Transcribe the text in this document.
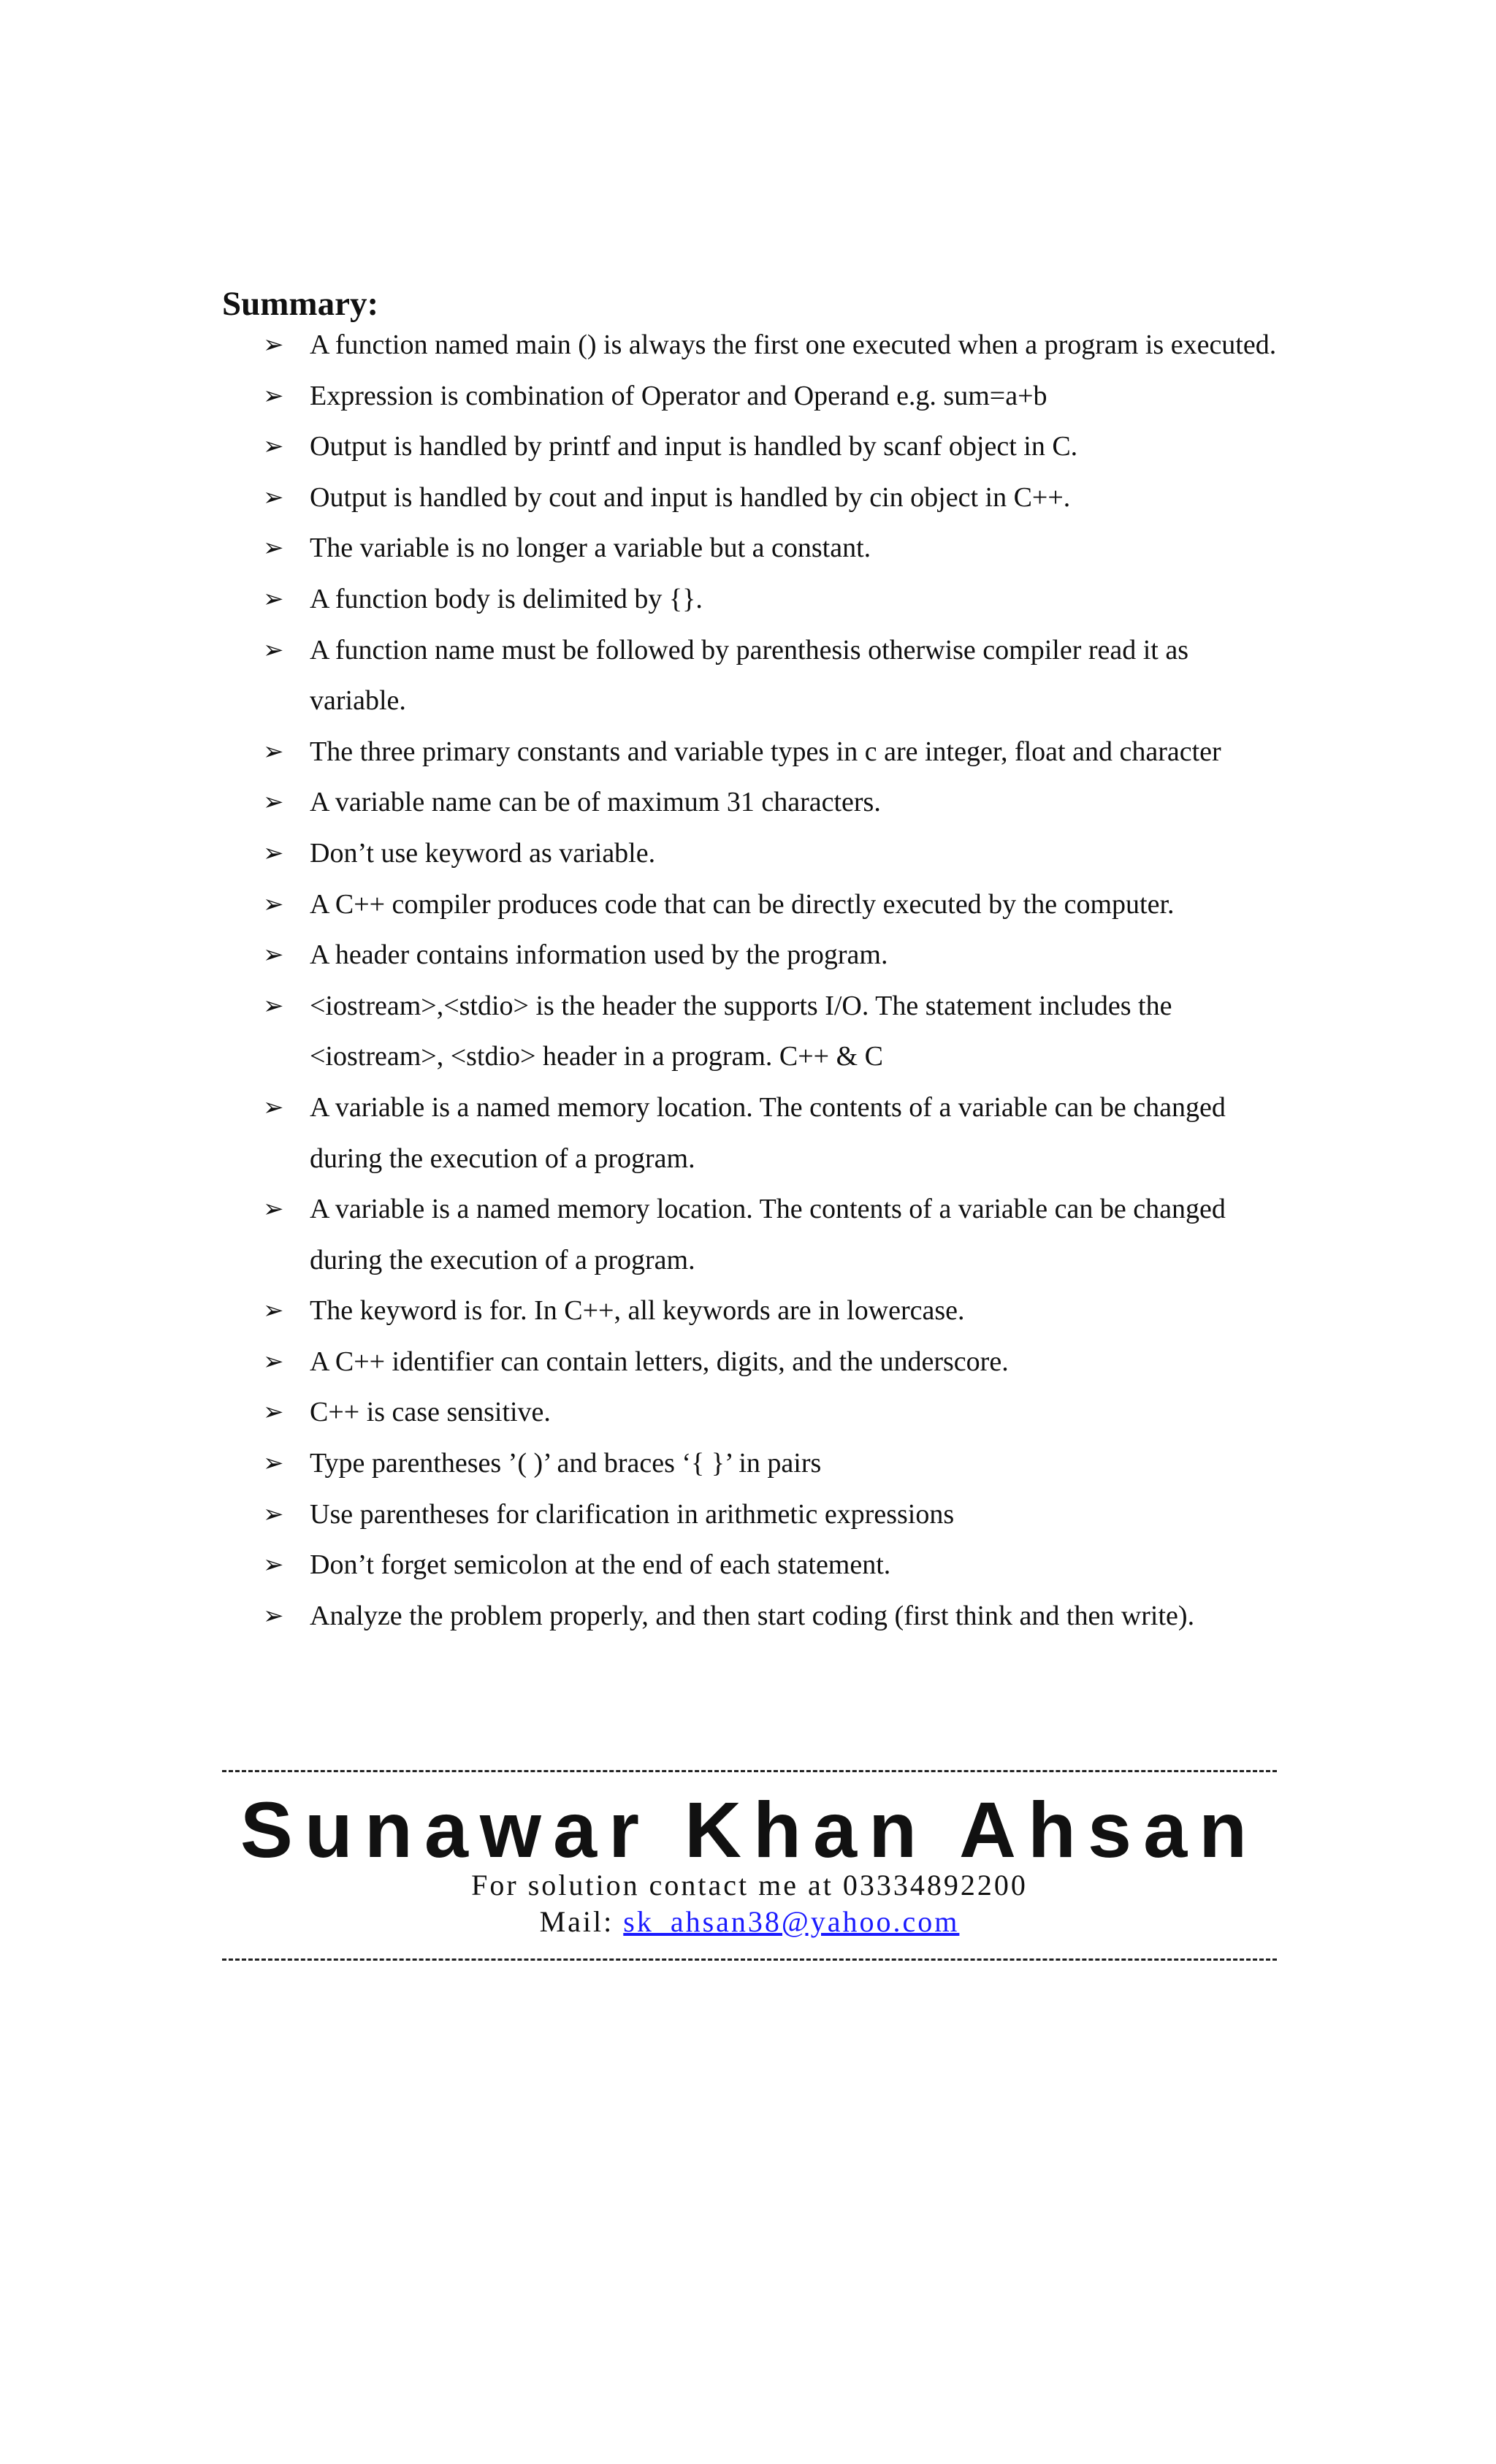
Summary:
➢ A function named main () is always the first one executed when a program is executed.
➢ Expression is combination of Operator and Operand e.g. sum=a+b
➢ Output is handled by printf and input is handled by scanf object in C.
➢ Output is handled by cout and input is handled by cin object in C++.
➢ The variable is no longer a variable but a constant.
➢ A function body is delimited by {}.
➢ A function name must be followed by parenthesis otherwise compiler read it as variable.
➢ The three primary constants and variable types in c are integer, float and character
➢ A variable name can be of maximum 31 characters.
➢ Don’t use keyword as variable.
➢ A C++ compiler produces code that can be directly executed by the computer.
➢ A header contains information used by the program.
➢ <iostream>,<stdio> is the header the supports I/O. The statement includes the <iostream>, <stdio> header in a program. C++ & C
➢ A variable is a named memory location. The contents of a variable can be changed during the execution of a program.
➢ A variable is a named memory location. The contents of a variable can be changed during the execution of a program.
➢ The keyword is for. In C++, all keywords are in lowercase.
➢ A C++ identifier can contain letters, digits, and the underscore.
➢ C++ is case sensitive.
➢ Type parentheses ’( )’ and braces ‘{ }’ in pairs
➢ Use parentheses for clarification in arithmetic expressions
➢ Don’t forget semicolon at the end of each statement.
➢ Analyze the problem properly, and then start coding (first think and then write).
Sunawar Khan Ahsan
For solution contact me at 03334892200
Mail: sk_ahsan38@yahoo.com
